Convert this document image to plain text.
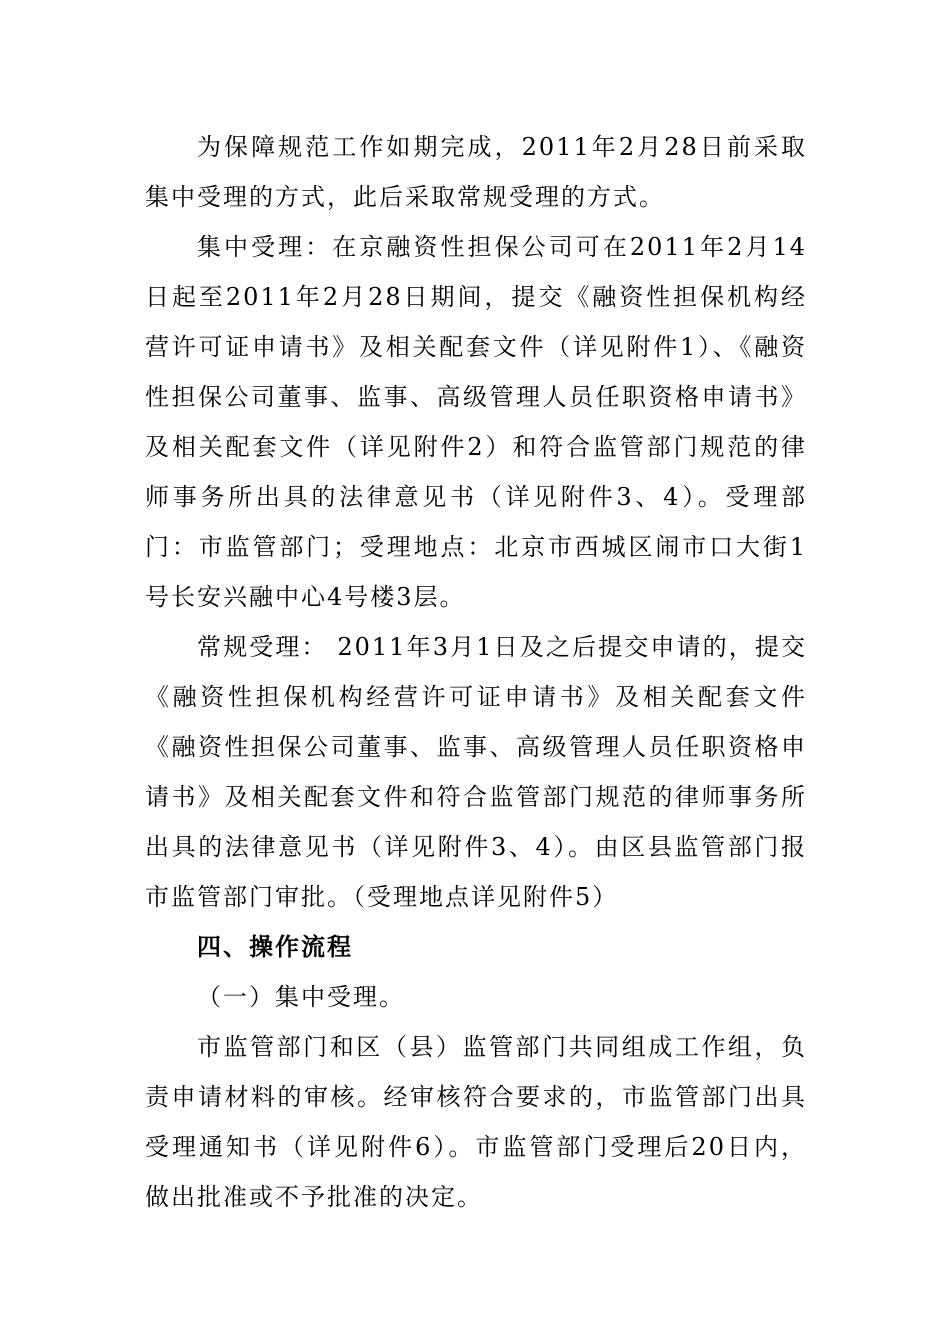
为保障规范工作如期完成，2011年2月28日前采取集中受理的方式，此后采取常规受理的方式。

集中受理：在京融资性担保公司可在2011年2月14日起至2011年2月28日期间，提交《融资性担保机构经营许可证申请书》及相关配套文件（详见附件1）、《融资性担保公司董事、监事、高级管理人员任职资格申请书》及相关配套文件（详见附件2）和符合监管部门规范的律师事务所出具的法律意见书（详见附件3、4）。受理部门：市监管部门；受理地点：北京市西城区闹市口大街1号长安兴融中心4号楼3层。

常规受理： 2011年3月1日及之后提交申请的，提交《融资性担保机构经营许可证申请书》及相关配套文件《融资性担保公司董事、监事、高级管理人员任职资格申请书》及相关配套文件和符合监管部门规范的律师事务所出具的法律意见书（详见附件3、4）。由区县监管部门报市监管部门审批。（受理地点详见附件5）

四、操作流程

（一）集中受理。

市监管部门和区（县）监管部门共同组成工作组，负责申请材料的审核。经审核符合要求的，市监管部门出具受理通知书（详见附件6）。市监管部门受理后20日内，做出批准或不予批准的决定。
